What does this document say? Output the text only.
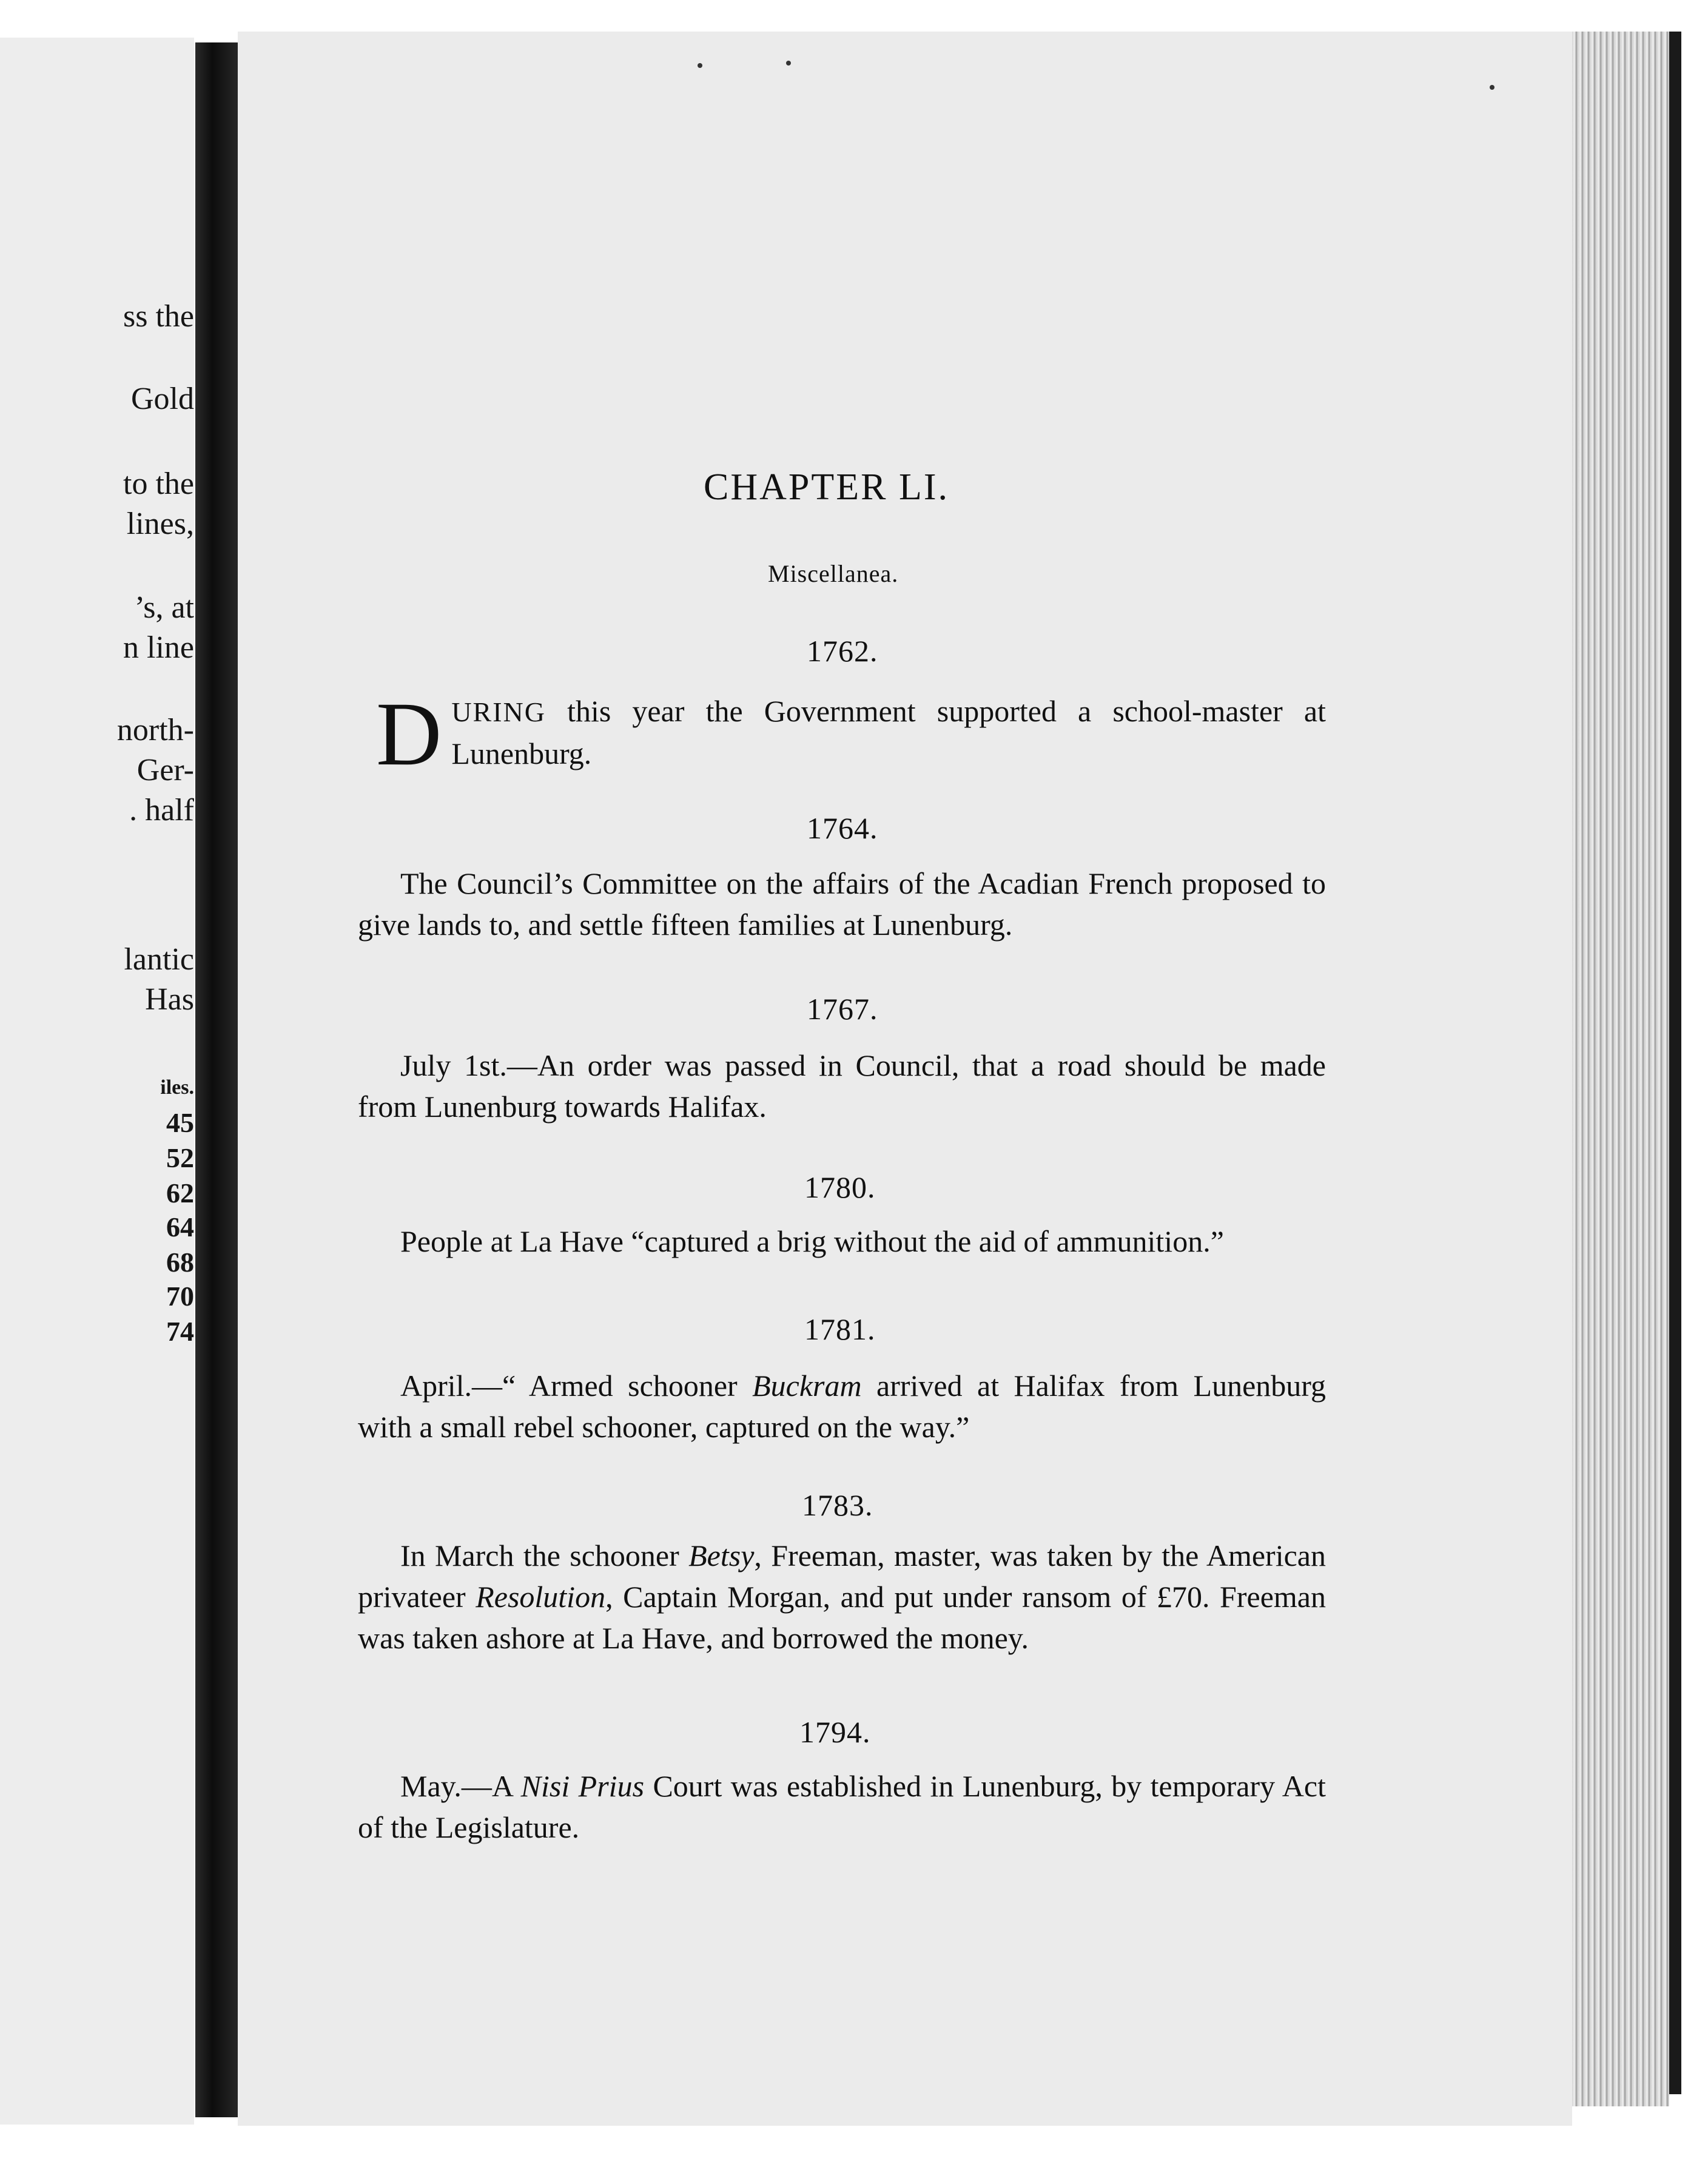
ss the
Gold
to the
lines,
’s, at
n line
north-
Ger-
. half
lantic
Has
iles.
45
52
62
64
68
70
74
CHAPTER LI.
Miscellanea.
1762.

DURING this year the Government supported a school-master at Lunenburg.

1764.

The Council’s Committee on the affairs of the Acadian French proposed to give lands to, and settle fifteen families at Lunenburg.

1767.

July 1st.—An order was passed in Council, that a road should be made from Lunenburg towards Halifax.

1780.

People at La Have “captured a brig without the aid of ammunition.”

1781.

April.—“ Armed schooner Buckram arrived at Halifax from Lunenburg with a small rebel schooner, captured on the way.”

1783.

In March the schooner Betsy, Freeman, master, was taken by the American privateer Resolution, Captain Morgan, and put under ransom of £70. Freeman was taken ashore at La Have, and borrowed the money.

1794.

May.—A Nisi Prius Court was established in Lunenburg, by temporary Act of the Legislature.
